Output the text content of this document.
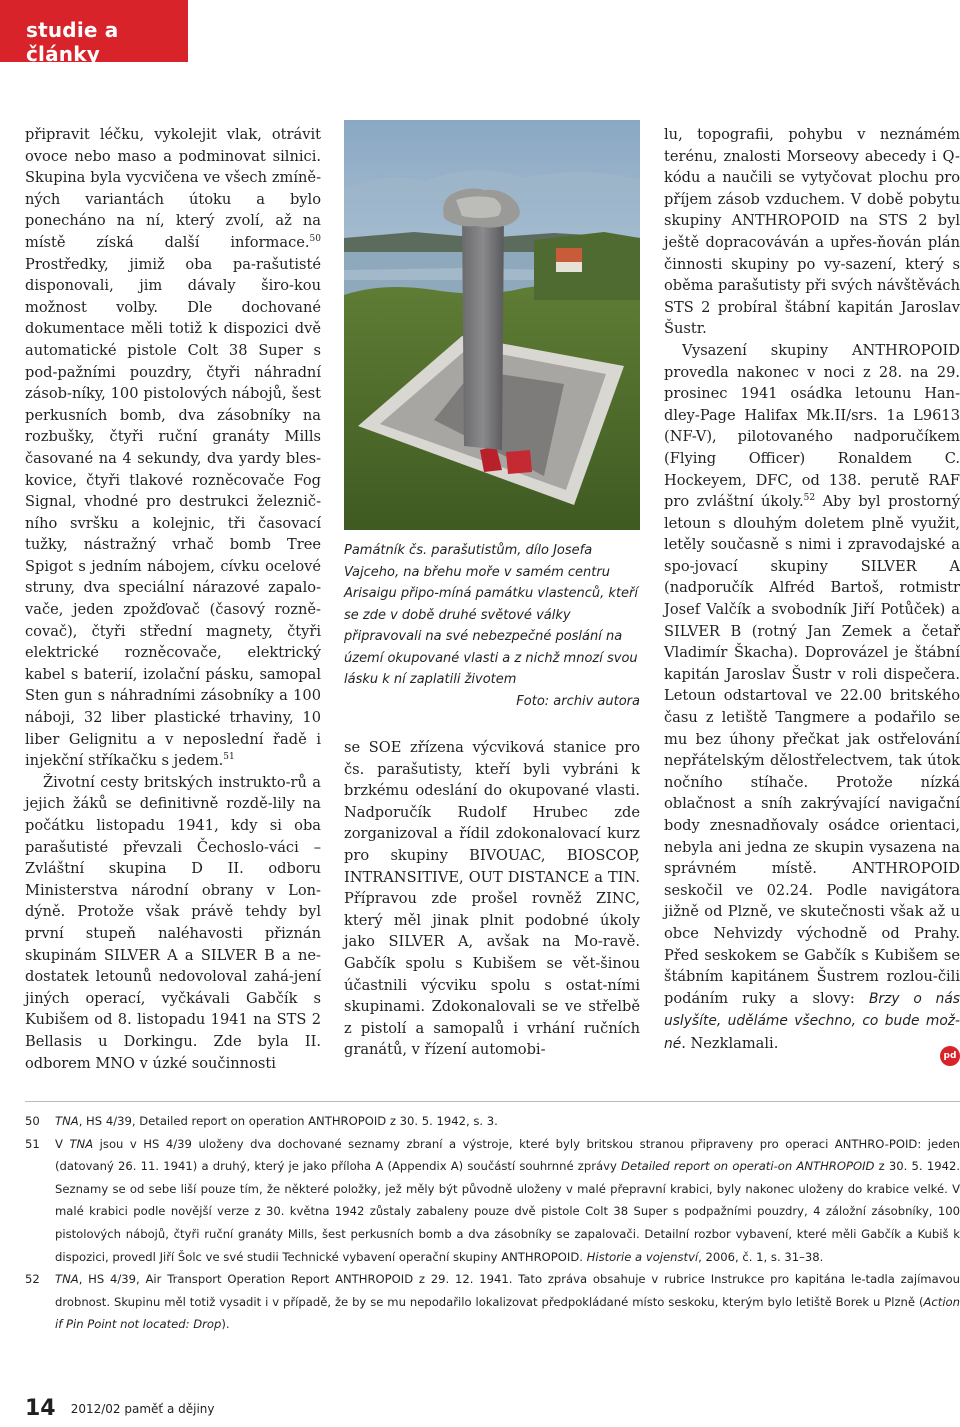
studie a články

připravit léčku, vykolejit vlak, otrávit ovoce nebo maso a podminovat silnici. Skupina byla vycvičena ve všech zmíně-ných variantách útoku a bylo ponecháno na ní, který zvolí, až na místě získá další informace.$^{50}$ Prostředky, jimiž oba pa-rašutisté disponovali, jim dávaly širo-kou možnost volby. Dle dochované dokumentace měli totiž k dispozici dvě automatické pistole Colt 38 Super s pod-pažními pouzdry, čtyři náhradní zásob-níky, 100 pistolových nábojů, šest perkusních bomb, dva zásobníky na rozbušky, čtyři ruční granáty Mills časované na 4 sekundy, dva yardy bles-kovice, čtyři tlakové rozněcovače Fog Signal, vhodné pro destrukci železnič-ního svršku a kolejnic, tři časovací tužky, nástražný vrhač bomb Tree Spigot s jedním nábojem, cívku ocelové struny, dva speciální nárazové zapalo-vače, jeden zpožďovač (časový rozně-covač), čtyři střední magnety, čtyři elektrické rozněcovače, elektrický kabel s baterií, izolační pásku, samopal Sten gun s náhradními zásobníky a 100 náboji, 32 liber plastické trhaviny, 10 liber Gelignitu a v neposlední řadě i injekční stříkačku s jedem.$^{51}$

Životní cesty britských instrukto-rů a jejich žáků se definitivně rozdě-lily na počátku listopadu 1941, kdy si oba parašutisté převzali Čechoslo-váci – Zvláštní skupina D II. odboru Ministerstva národní obrany v Lon-dýně. Protože však právě tehdy byl první stupeň naléhavosti přiznán skupinám SILVER A a SILVER B a ne-dostatek letounů nedovoloval zahá-jení jiných operací, vyčkávali Gabčík s Kubišem od 8. listopadu 1941 na STS 2 Bellasis u Dorkingu. Zde byla II. odborem MNO v úzké součinnosti

Památník čs. parašutistům, dílo Josefa Vajceho, na břehu moře v samém centru Arisaigu připo-míná památku vlastenců, kteří se zde v době druhé světové války připravovali na své nebezpečné poslání na území okupované vlasti a z nichž mnozí svou lásku k ní zaplatili životem
Foto: archiv autora

se SOE zřízena výcviková stanice pro čs. parašutisty, kteří byli vybráni k brzkému odeslání do okupované vlasti. Nadporučík Rudolf Hrubec zde zorganizoval a řídil zdokonalovací kurz pro skupiny BIVOUAC, BIOSCOP, INTRANSITIVE, OUT DISTANCE a TIN. Přípravou zde prošel rovněž ZINC, který měl jinak plnit podobné úkoly jako SILVER A, avšak na Mo-ravě. Gabčík spolu s Kubišem se vět-šinou účastnili výcviku spolu s ostat-ními skupinami. Zdokonalovali se ve střelbě z pistolí a samopalů i vrhání ručních granátů, v řízení automobi-

lu, topografii, pohybu v neznámém terénu, znalosti Morseovy abecedy i Q-kódu a naučili se vytyčovat plochu pro příjem zásob vzduchem. V době pobytu skupiny ANTHROPOID na STS 2 byl ještě dopracováván a upřes-ňován plán činnosti skupiny po vy-sazení, který s oběma parašutisty při svých návštěvách STS 2 probíral štábní kapitán Jaroslav Šustr.

Vysazení skupiny ANTHROPOID provedla nakonec v noci z 28. na 29. prosinec 1941 osádka letounu Han-dley-Page Halifax Mk.II/srs. 1a L9613 (NF-V), pilotovaného nadporučíkem (Flying Officer) Ronaldem C. Hockeyem, DFC, od 138. perutě RAF pro zvláštní úkoly.$^{52}$ Aby byl prostorný letoun s dlouhým doletem plně využit, letěly současně s nimi i zpravodajské a spo-jovací skupiny SILVER A (nadporučík Alfréd Bartoš, rotmistr Josef Valčík a svobodník Jiří Potůček) a SILVER B (rotný Jan Zemek a četař Vladimír Škacha). Doprovázel je štábní kapitán Jaroslav Šustr v roli dispečera. Letoun odstartoval ve 22.00 britského času z letiště Tangmere a podařilo se mu bez úhony přečkat jak ostřelování nepřátelským dělostřelectvem, tak útok nočního stíhače. Protože nízká oblačnost a sníh zakrývající navigační body znesnadňovaly osádce orientaci, nebyla ani jedna ze skupin vysazena na správném místě. ANTHROPOID seskočil ve 02.24. Podle navigátora jižně od Plzně, ve skutečnosti však až u obce Nehvizdy východně od Prahy. Před seskokem se Gabčík s Kubišem se štábním kapitánem Šustrem rozlou-čili podáním ruky a slovy: Brzy o nás uslyšíte, uděláme všechno, co bude mož-né. Nezklamali.

pd
50 TNA, HS 4/39, Detailed report on operation ANTHROPOID z 30. 5. 1942, s. 3.
51 V TNA jsou v HS 4/39 uloženy dva dochované seznamy zbraní a výstroje, které byly britskou stranou připraveny pro operaci ANTHRO-POID: jeden (datovaný 26. 11. 1941) a druhý, který je jako příloha A (Appendix A) součástí souhrnné zprávy Detailed report on operati-on ANTHROPOID z 30. 5. 1942. Seznamy se od sebe liší pouze tím, že některé položky, jež měly být původně uloženy v malé přepravní krabici, byly nakonec uloženy do krabice velké. V malé krabici podle novější verze z 30. května 1942 zůstaly zabaleny pouze dvě pistole Colt 38 Super s podpažními pouzdry, 4 záložní zásobníky, 100 pistolových nábojů, čtyři ruční granáty Mills, šest perkusních bomb a dva zásobníky se zapalovači. Detailní rozbor vybavení, které měli Gabčík a Kubiš k dispozici, provedl Jiří Šolc ve své studii Technické vybavení operační skupiny ANTHROPOID. Historie a vojenství, 2006, č. 1, s. 31–38.
52 TNA, HS 4/39, Air Transport Operation Report ANTHROPOID z 29. 12. 1941. Tato zpráva obsahuje v rubrice Instrukce pro kapitána le-tadla zajímavou drobnost. Skupinu měl totiž vysadit i v případě, že by se mu nepodařilo lokalizovat předpokládané místo seskoku, kterým bylo letiště Borek u Plzně (Action if Pin Point not located: Drop).
14 2012/02 paměť a dějiny
